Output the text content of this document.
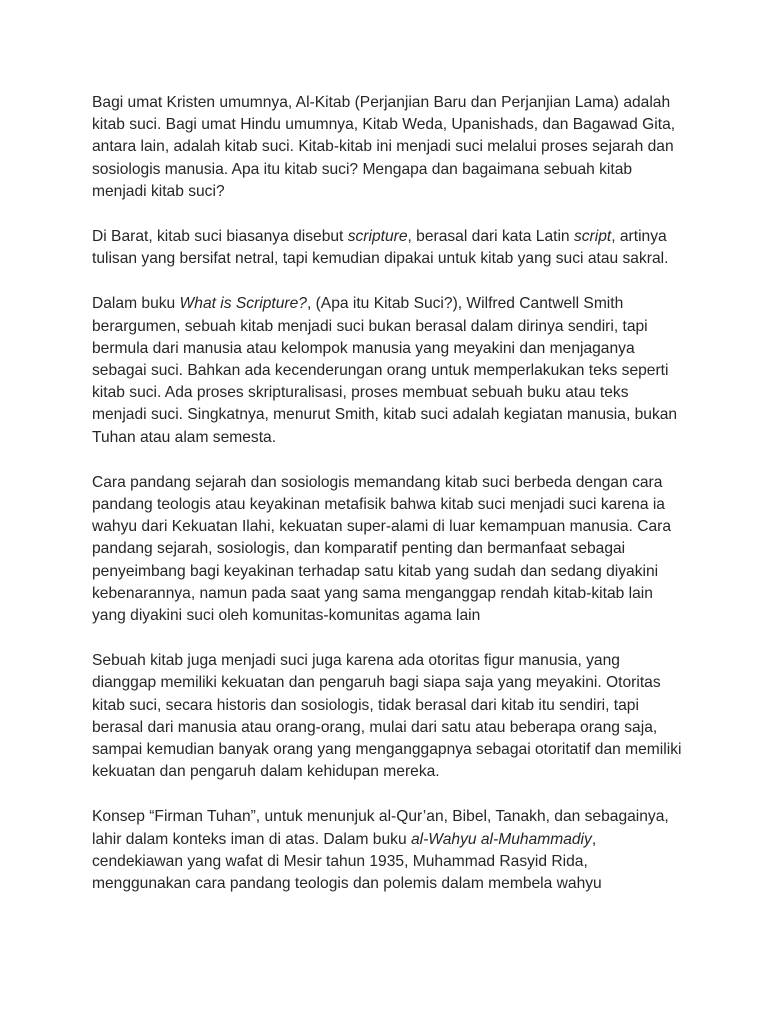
Bagi umat Kristen umumnya, Al-Kitab (Perjanjian Baru dan Perjanjian Lama) adalah kitab suci. Bagi umat Hindu umumnya, Kitab Weda, Upanishads, dan Bagawad Gita, antara lain, adalah kitab suci. Kitab-kitab ini menjadi suci melalui proses sejarah dan sosiologis manusia. Apa itu kitab suci? Mengapa dan bagaimana sebuah kitab menjadi kitab suci?

Di Barat, kitab suci biasanya disebut scripture, berasal dari kata Latin script, artinya tulisan yang bersifat netral, tapi kemudian dipakai untuk kitab yang suci atau sakral.

Dalam buku What is Scripture?, (Apa itu Kitab Suci?), Wilfred Cantwell Smith berargumen, sebuah kitab menjadi suci bukan berasal dalam dirinya sendiri, tapi bermula dari manusia atau kelompok manusia yang meyakini dan menjaganya sebagai suci. Bahkan ada kecenderungan orang untuk memperlakukan teks seperti kitab suci. Ada proses skripturalisasi, proses membuat sebuah buku atau teks menjadi suci. Singkatnya, menurut Smith, kitab suci adalah kegiatan manusia, bukan Tuhan atau alam semesta.

Cara pandang sejarah dan sosiologis memandang kitab suci berbeda dengan cara pandang teologis atau keyakinan metafisik bahwa kitab suci menjadi suci karena ia wahyu dari Kekuatan Ilahi, kekuatan super-alami di luar kemampuan manusia. Cara pandang sejarah, sosiologis, dan komparatif penting dan bermanfaat sebagai penyeimbang bagi keyakinan terhadap satu kitab yang sudah dan sedang diyakini kebenarannya, namun pada saat yang sama menganggap rendah kitab-kitab lain yang diyakini suci oleh komunitas-komunitas agama lain

Sebuah kitab juga menjadi suci juga karena ada otoritas figur manusia, yang dianggap memiliki kekuatan dan pengaruh bagi siapa saja yang meyakini. Otoritas kitab suci, secara historis dan sosiologis, tidak berasal dari kitab itu sendiri, tapi berasal dari manusia atau orang-orang, mulai dari satu atau beberapa orang saja, sampai kemudian banyak orang yang menganggapnya sebagai otoritatif dan memiliki kekuatan dan pengaruh dalam kehidupan mereka.

Konsep “Firman Tuhan”, untuk menunjuk al-Qur’an, Bibel, Tanakh, dan sebagainya, lahir dalam konteks iman di atas. Dalam buku al-Wahyu al-Muhammadiy, cendekiawan yang wafat di Mesir tahun 1935, Muhammad Rasyid Rida, menggunakan cara pandang teologis dan polemis dalam membela wahyu
